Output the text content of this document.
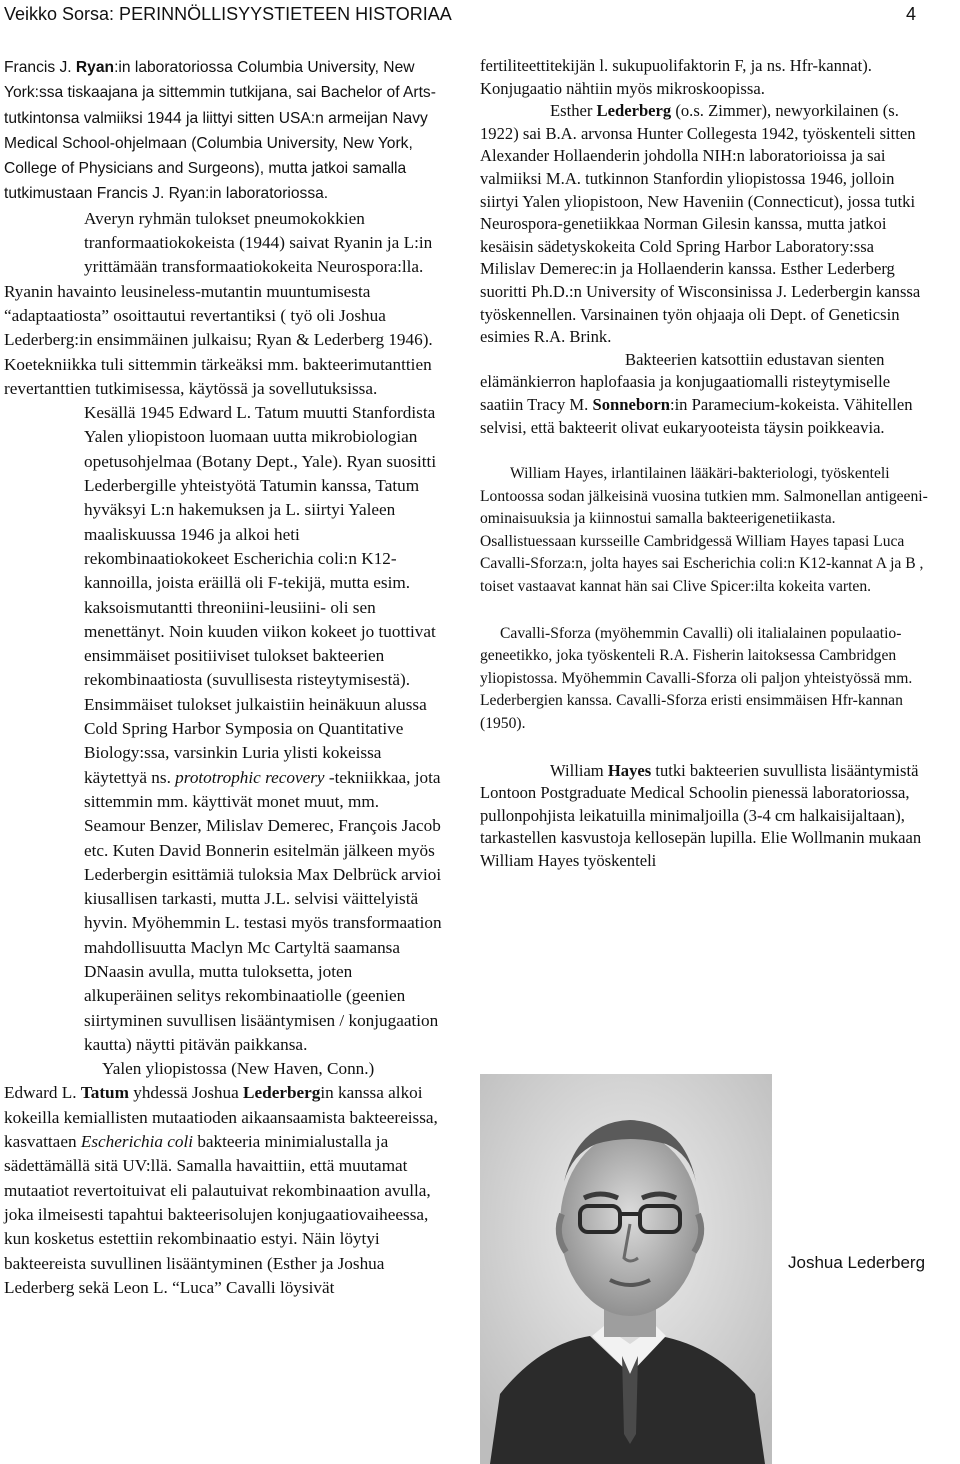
Veikko Sorsa: PERINNÖLLISYYSTIETEEN HISTORIAA	4

Francis J. Ryan:in laboratoriossa Columbia University, New York:ssa tiskaajana ja sittemmin tutkijana, sai Bachelor of Arts-tutkintonsa valmiiksi 1944 ja liittyi sitten USA:n armeijan Navy Medical School-ohjelmaan (Columbia University, New York, College of Physicians and Surgeons), mutta jatkoi samalla tutkimustaan Francis J. Ryan:in laboratoriossa.

Averyn ryhmän tulokset pneumokokkien tranformaatiokokeista (1944) saivat Ryanin ja L:in yrittämään transformaatiokokeita Neurospora:lla.

Ryanin havainto leusineless-mutantin muuntumisesta “adaptaatiosta” osoittautui revertantiksi ( työ oli Joshua Lederberg:in ensimmäinen julkaisu; Ryan & Lederberg 1946). Koetekniikka tuli sittemmin tärkeäksi mm. bakteerimutanttien revertanttien tutkimisessa, käytössä ja sovellutuksissa.

Kesällä 1945 Edward L. Tatum muutti Stanfordista Yalen yliopistoon luomaan uutta mikrobiologian opetusohjelmaa (Botany Dept., Yale). Ryan suositti Lederbergille yhteistyötä Tatumin kanssa, Tatum hyväksyi L:n hakemuksen ja L. siirtyi Yaleen maaliskuussa 1946 ja alkoi heti rekombinaatiokokeet Escherichia coli:n K12-kannoilla, joista eräillä oli F-tekijä, mutta esim. kaksoismutantti threoniini-leusiini- oli sen menettänyt. Noin kuuden viikon kokeet jo tuottivat ensimmäiset positiiviset tulokset bakteerien rekombinaatiosta (suvullisesta risteytymisestä). Ensimmäiset tulokset julkaistiin heinäkuun alussa Cold Spring Harbor Symposia on Quantitative Biology:ssa, varsinkin Luria ylisti kokeissa käytettyä ns. prototrophic recovery -tekniikkaa, jota sittemmin mm. käyttivät monet muut, mm. Seamour Benzer, Milislav Demerec, François Jacob etc. Kuten David Bonnerin esitelmän jälkeen myös Lederbergin esittämiä tuloksia Max Delbrück arvioi kiusallisen tarkasti, mutta J.L. selvisi väittelyistä hyvin. Myöhemmin L. testasi myös transformaation mahdollisuutta Maclyn Mc Cartyltä saamansa DNaasin avulla, mutta tuloksetta, joten alkuperäinen selitys rekombinaatiolle (geenien siirtyminen suvullisen lisääntymisen / konjugaation kautta) näytti pitävän paikkansa.

Yalen yliopistossa (New Haven, Conn.)

Edward L. Tatum yhdessä Joshua Lederbergin kanssa alkoi kokeilla kemiallisten mutaatioden aikaansaamista bakteereissa, kasvattaen Escherichia coli bakteeria minimialustalla ja sädettämällä sitä UV:llä. Samalla havaittiin, että muutamat mutaatiot revertoituivat eli palautuivat rekombinaation avulla, joka ilmeisesti tapahtui bakteerisolujen konjugaatiovaiheessa, kun kosketus estettiin rekombinaatio estyi. Näin löytyi bakteereista suvullinen lisääntyminen (Esther ja Joshua Lederberg sekä Leon L. “Luca” Cavalli löysivät

fertiliteettitekijän l. sukupuolifaktorin F, ja ns. Hfr-kannat). Konjugaatio nähtiin myös mikroskoopissa.

Esther Lederberg (o.s. Zimmer), newyorkilainen (s. 1922) sai B.A. arvonsa Hunter Collegesta 1942, työskenteli sitten Alexander Hollaenderin johdolla NIH:n laboratorioissa ja sai valmiiksi M.A. tutkinnon Stanfordin yliopistossa 1946, jolloin siirtyi Yalen yliopistoon, New Haveniin (Connecticut), jossa tutki Neurospora-genetiikkaa Norman Gilesin kanssa, mutta jatkoi kesäisin sädetyskokeita Cold Spring Harbor Laboratory:ssa Milislav Demerec:in ja Hollaenderin kanssa. Esther Lederberg suoritti Ph.D.:n University of Wisconsinissa J. Lederbergin kanssa työskennellen. Varsinainen työn ohjaaja oli Dept. of Geneticsin esimies R.A. Brink.

Bakteerien katsottiin edustavan sienten elämänkierron haplofaasia ja konjugaatiomalli risteytymiselle saatiin Tracy M. Sonneborn:in Paramecium-kokeista. Vähitellen selvisi, että bakteerit olivat eukaryooteista täysin poikkeavia.

William Hayes, irlantilainen lääkäri-bakteriologi, työskenteli Lontoossa sodan jälkeisinä vuosina tutkien mm. Salmonellan antigeeni-ominaisuuksia ja kiinnostui samalla bakteerigenetiikasta. Osallistuessaan kursseille Cambridgessä William Hayes tapasi Luca Cavalli-Sforza:n, jolta hayes sai Escherichia coli:n K12-kannat A ja B , toiset vastaavat kannat hän sai Clive Spicer:ilta kokeita varten.

Cavalli-Sforza (myöhemmin Cavalli) oli italialainen populaatio-geneetikko, joka työskenteli R.A. Fisherin laitoksessa Cambridgen yliopistossa. Myöhemmin Cavalli-Sforza oli paljon yhteistyössä mm. Lederbergien kanssa. Cavalli-Sforza eristi ensimmäisen Hfr-kannan (1950).

William Hayes tutki bakteerien suvullista lisääntymistä Lontoon Postgraduate Medical Schoolin pienessä laboratoriossa, pullonpohjista leikatuilla minimaljoilla (3-4 cm halkaisijaltaan), tarkastellen kasvustoja kellosepän lupilla. Elie Wollmanin mukaan William Hayes työskenteli

Joshua Lederberg
